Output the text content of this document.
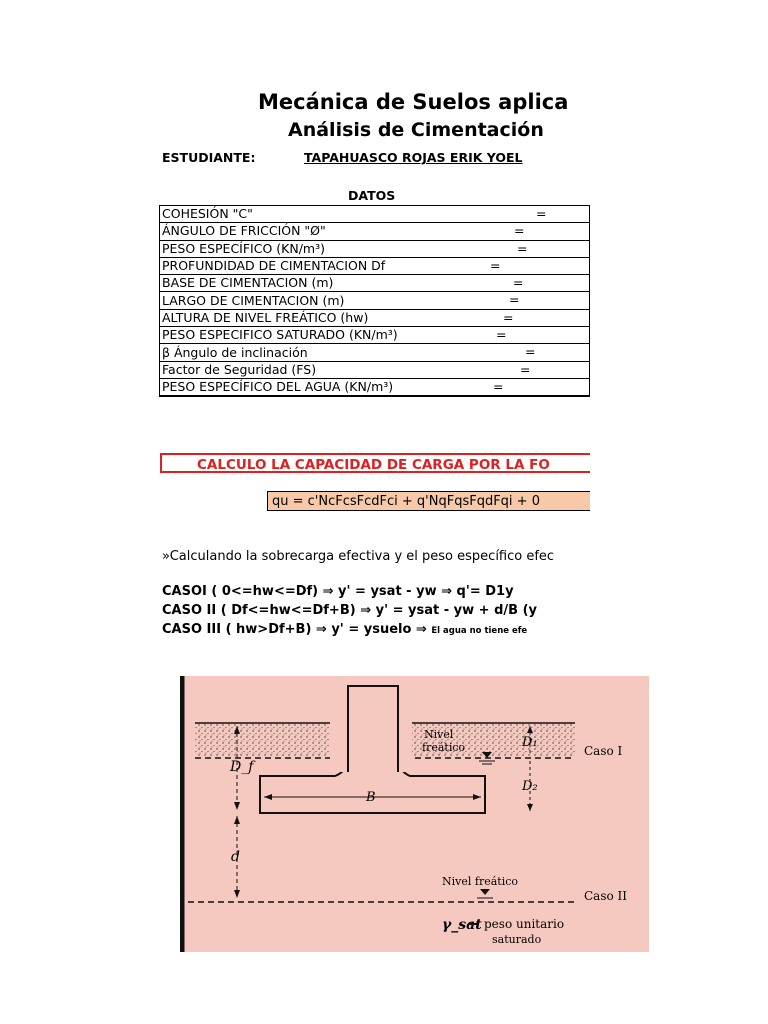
Mecánica de Suelos aplica
Análisis de Cimentación
ESTUDIANTE:	TAPAHUASCO ROJAS ERIK YOEL
DATOS
COHESIÓN "C"	=

ÁNGULO DE FRICCIÓN "Ø"	=

PESO ESPECÍFICO (KN/m³)	=

PROFUNDIDAD DE CIMENTACION Df	=

BASE DE CIMENTACION (m)	=

LARGO DE CIMENTACION (m)	=

ALTURA DE NIVEL FREÁTICO (hw)	=

PESO ESPECIFICO SATURADO (KN/m³)	=

β Ángulo de inclinación	=

Factor de Seguridad (FS)	=

PESO ESPECÍFICO DEL AGUA (KN/m³)	=
CALCULO LA CAPACIDAD DE CARGA POR LA FO
qu = c'NcFcsFcdFci + q'NqFqsFqdFqi + 0
»Calculando la sobrecarga efectiva y el peso específico efec
CASOI ( 0<=hw<=Df) ⇒ y' = ysat - yw ⇒ q'= D1y
CASO II ( Df<=hw<=Df+B) ⇒ y' = ysat - yw + d/B (y
CASO III ( hw>Df+B) ⇒ y' = ysuelo ⇒ El agua no tiene efe
B
D_f
d
D₁
D₂
Nivel
freático	Caso I
Nivel freático
Caso II
γ_sat peso unitario
saturado
